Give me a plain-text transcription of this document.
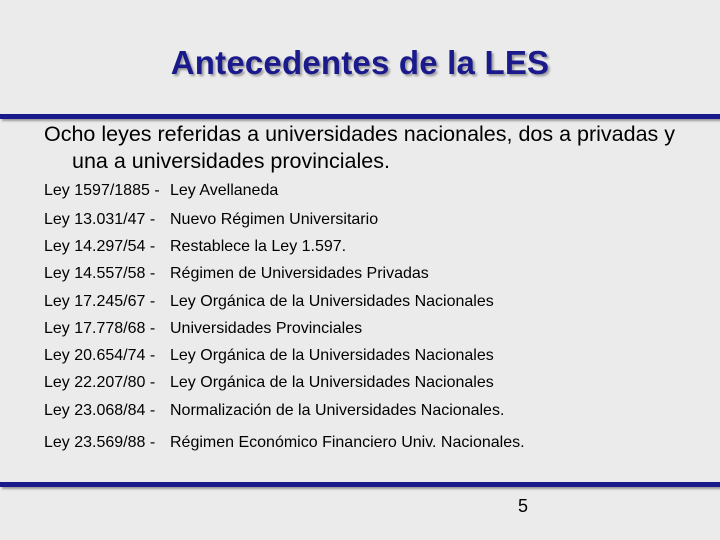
Antecedentes de la LES
Ocho leyes referidas a universidades nacionales, dos a privadas y una a universidades provinciales.
Ley 1597/1885 - Ley Avellaneda
Ley 13.031/47 - Nuevo Régimen Universitario
Ley 14.297/54 - Restablece la Ley 1.597.
Ley 14.557/58 - Régimen de Universidades Privadas
Ley 17.245/67 - Ley Orgánica de la Universidades Nacionales
Ley 17.778/68 - Universidades Provinciales
Ley 20.654/74 - Ley Orgánica de la Universidades Nacionales
Ley 22.207/80 - Ley Orgánica de la Universidades Nacionales
Ley 23.068/84 - Normalización de la Universidades Nacionales.
Ley 23.569/88 - Régimen Económico Financiero Univ. Nacionales.
5
